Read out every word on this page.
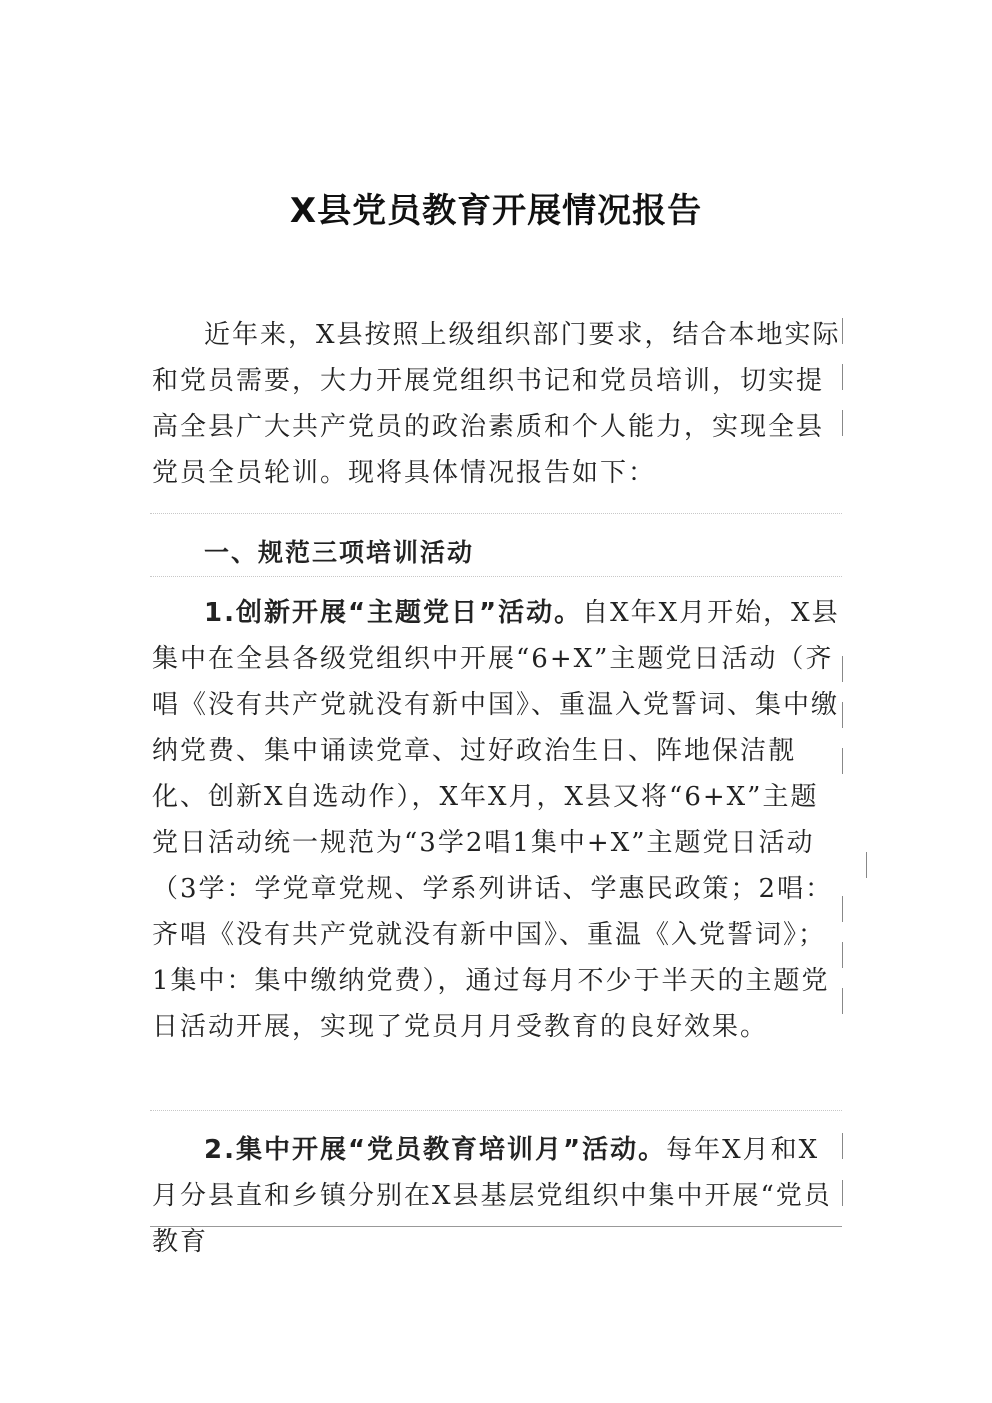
X县党员教育开展情况报告

近年来，X县按照上级组织部门要求，结合本地实际和党员需要，大力开展党组织书记和党员培训，切实提高全县广大共产党员的政治素质和个人能力，实现全县党员全员轮训。现将具体情况报告如下：

一、规范三项培训活动

1.创新开展“主题党日”活动。自X年X月开始，X县集中在全县各级党组织中开展“6+X”主题党日活动（齐唱《没有共产党就没有新中国》、重温入党誓词、集中缴纳党费、集中诵读党章、过好政治生日、阵地保洁靓化、创新X自选动作），X年X月，X县又将“6+X”主题党日活动统一规范为“3学2唱1集中+X”主题党日活动（3学：学党章党规、学系列讲话、学惠民政策；2唱：齐唱《没有共产党就没有新中国》、重温《入党誓词》；1集中：集中缴纳党费），通过每月不少于半天的主题党日活动开展，实现了党员月月受教育的良好效果。

2.集中开展“党员教育培训月”活动。每年X月和X月分县直和乡镇分别在X县基层党组织中集中开展“党员教育
